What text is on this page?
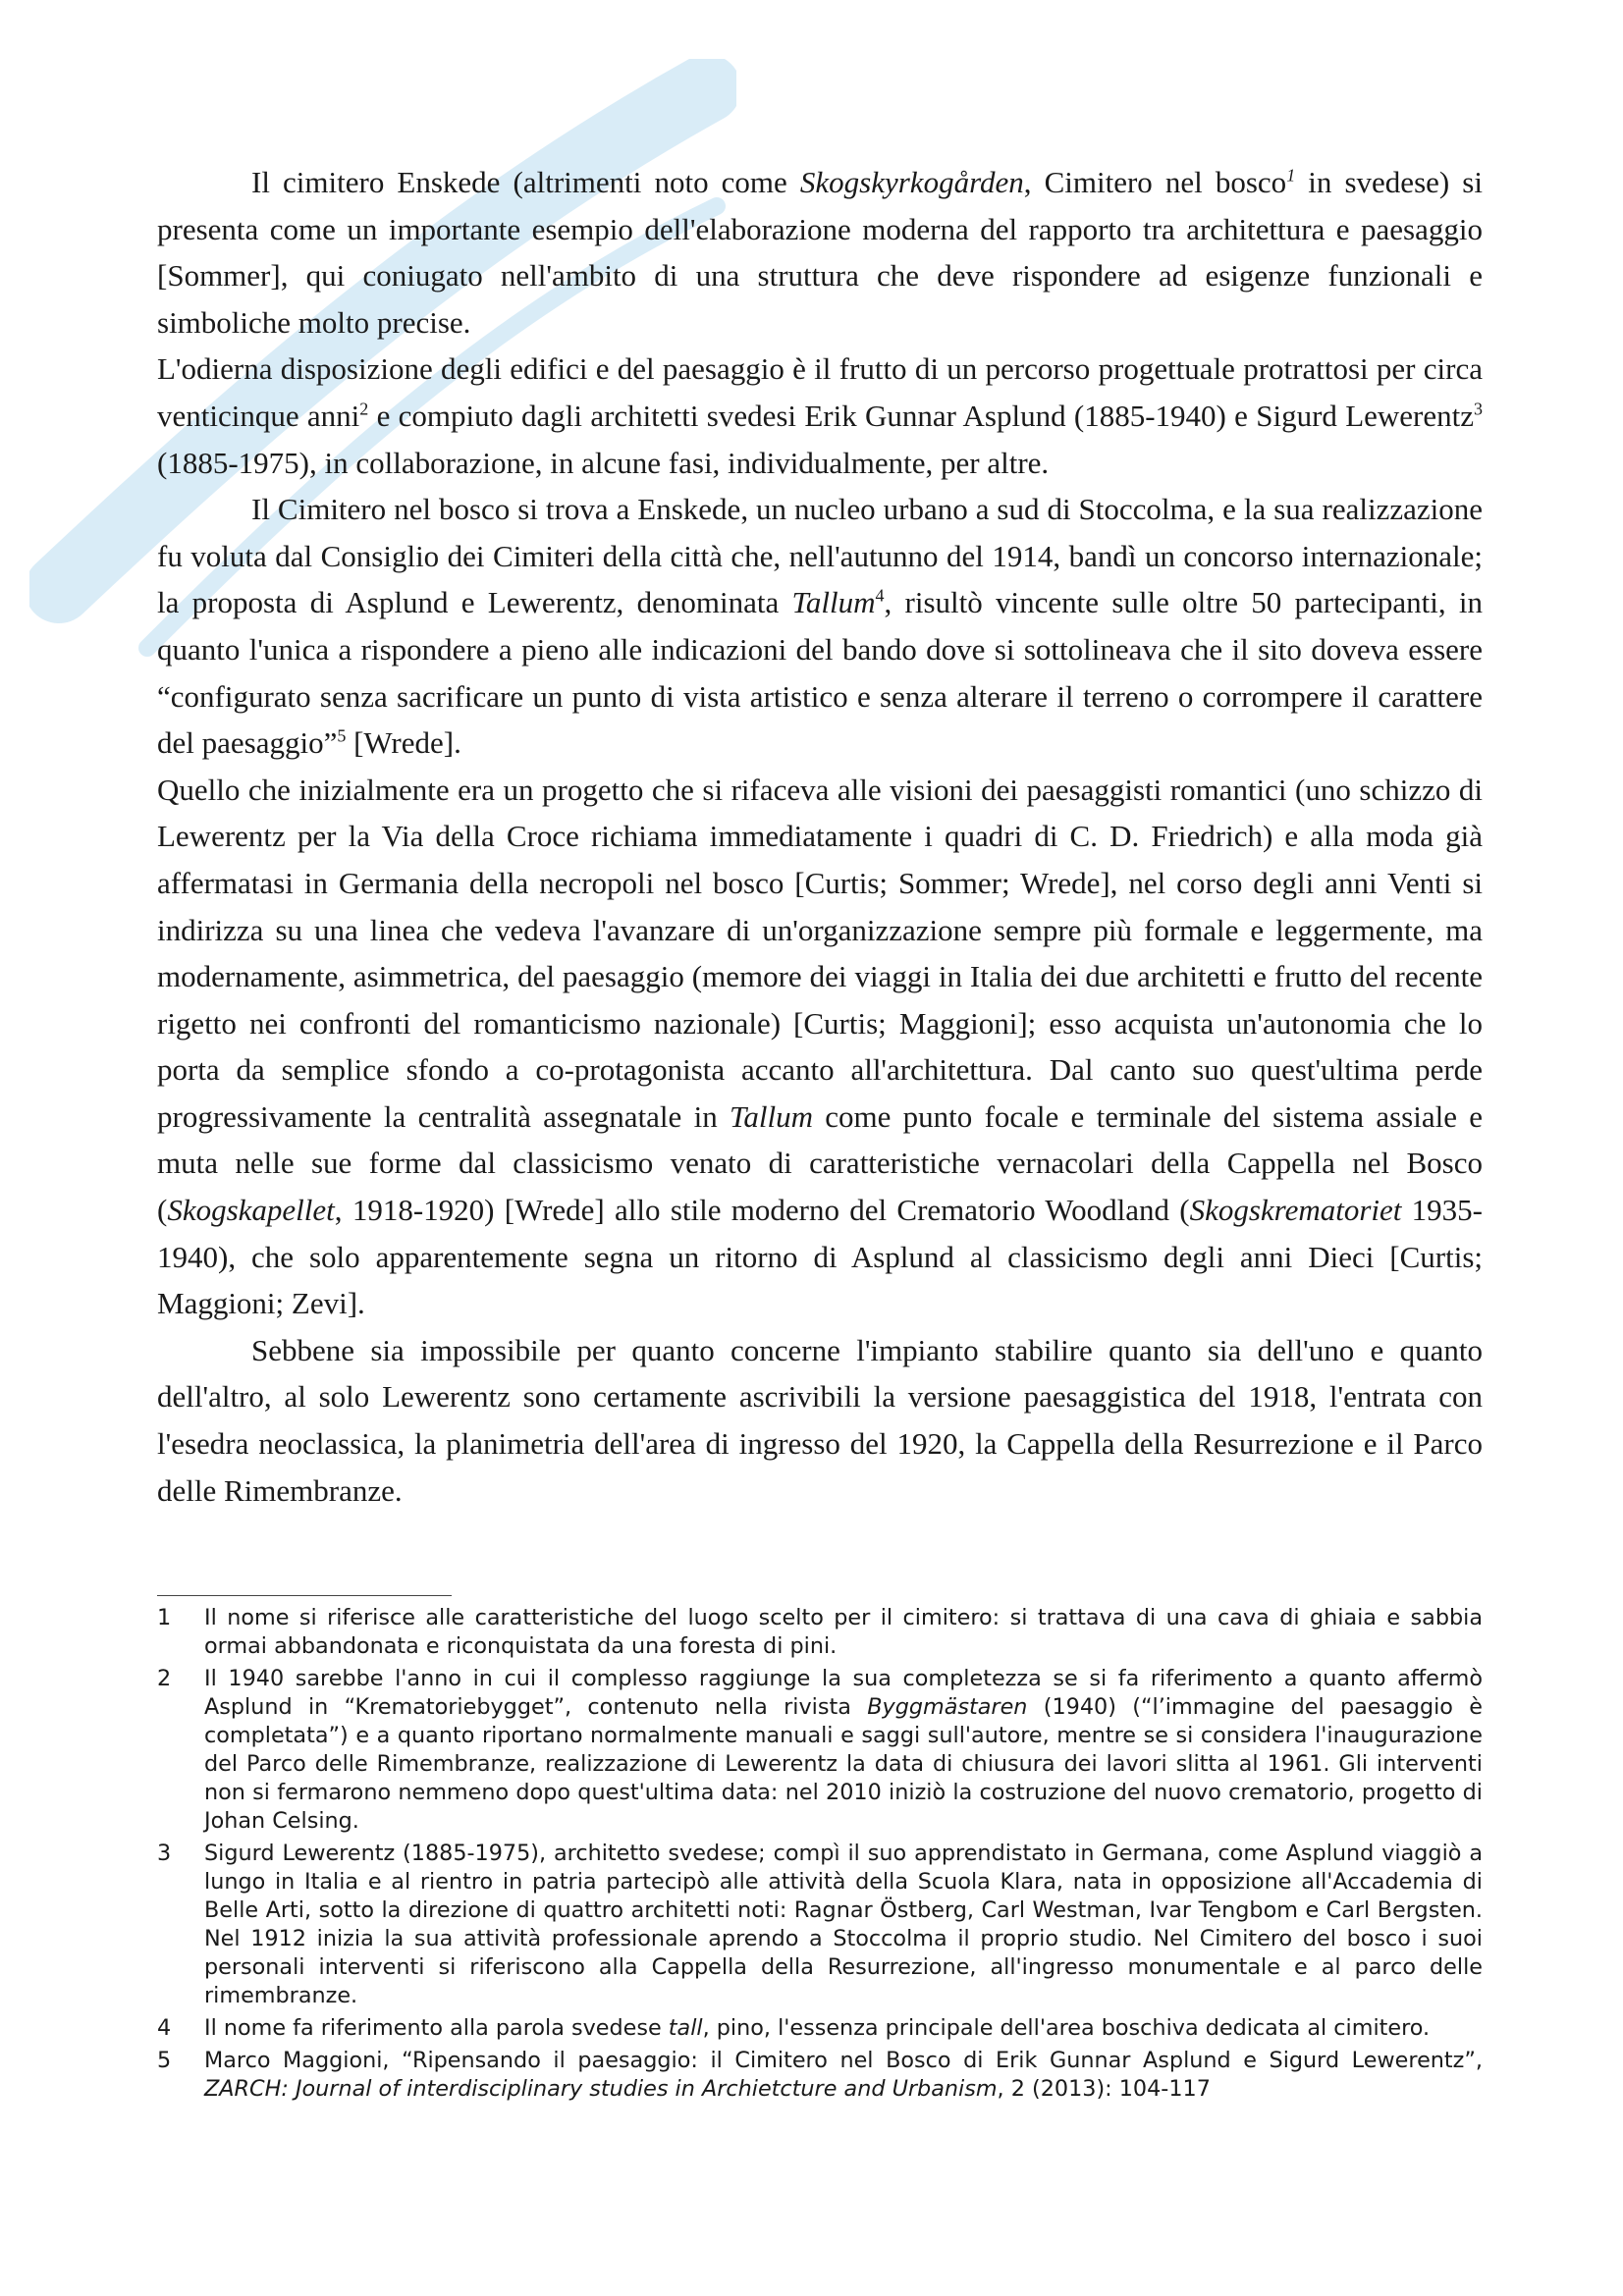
Il cimitero Enskede (altrimenti noto come Skogskyrkogården, Cimitero nel bosco$^1$ in svedese) si presenta come un importante esempio dell'elaborazione moderna del rapporto tra architettura e paesaggio [Sommer], qui coniugato nell'ambito di una struttura che deve rispondere ad esigenze funzionali e simboliche molto precise.

L'odierna disposizione degli edifici e del paesaggio è il frutto di un percorso progettuale protrattosi per circa venticinque anni$^2$ e compiuto dagli architetti svedesi Erik Gunnar Asplund (1885-1940) e Sigurd Lewerentz$^3$ (1885-1975), in collaborazione, in alcune fasi, individualmente, per altre.

Il Cimitero nel bosco si trova a Enskede, un nucleo urbano a sud di Stoccolma, e la sua realizzazione fu voluta dal Consiglio dei Cimiteri della città che, nell'autunno del 1914, bandì un concorso internazionale; la proposta di Asplund e Lewerentz, denominata Tallum$^4$, risultò vincente sulle oltre 50 partecipanti, in quanto l'unica a rispondere a pieno alle indicazioni del bando dove si sottolineava che il sito doveva essere “configurato senza sacrificare un punto di vista artistico e senza alterare il terreno o corrompere il carattere del paesaggio”$^5$ [Wrede].

Quello che inizialmente era un progetto che si rifaceva alle visioni dei paesaggisti romantici (uno schizzo di Lewerentz per la Via della Croce richiama immediatamente i quadri di C. D. Friedrich) e alla moda già affermatasi in Germania della necropoli nel bosco [Curtis; Sommer; Wrede], nel corso degli anni Venti si indirizza su una linea che vedeva l'avanzare di un'organizzazione sempre più formale e leggermente, ma modernamente, asimmetrica, del paesaggio (memore dei viaggi in Italia dei due architetti e frutto del recente rigetto nei confronti del romanticismo nazionale) [Curtis; Maggioni]; esso acquista un'autonomia che lo porta da semplice sfondo a co-protagonista accanto all'architettura. Dal canto suo quest'ultima perde progressivamente la centralità assegnatale in Tallum come punto focale e terminale del sistema assiale e muta nelle sue forme dal classicismo venato di caratteristiche vernacolari della Cappella nel Bosco (Skogskapellet, 1918-1920) [Wrede] allo stile moderno del Crematorio Woodland (Skogskrematoriet 1935-1940), che solo apparentemente segna un ritorno di Asplund al classicismo degli anni Dieci [Curtis; Maggioni; Zevi].

Sebbene sia impossibile per quanto concerne l'impianto stabilire quanto sia dell'uno e quanto dell'altro, al solo Lewerentz sono certamente ascrivibili la versione paesaggistica del 1918, l'entrata con l'esedra neoclassica, la planimetria dell'area di ingresso del 1920, la Cappella della Resurrezione e il Parco delle Rimembranze.

1	Il nome si riferisce alle caratteristiche del luogo scelto per il cimitero: si trattava di una cava di ghiaia e sabbia ormai abbandonata e riconquistata da una foresta di pini.
2	Il 1940 sarebbe l'anno in cui il complesso raggiunge la sua completezza se si fa riferimento a quanto affermò Asplund in “Krematoriebygget”, contenuto nella rivista Byggmästaren (1940) (“l’immagine del paesaggio è completata”) e a quanto riportano normalmente manuali e saggi sull'autore, mentre se si considera l'inaugurazione del Parco delle Rimembranze, realizzazione di Lewerentz la data di chiusura dei lavori slitta al 1961. Gli interventi non si fermarono nemmeno dopo quest'ultima data: nel 2010 iniziò la costruzione del nuovo crematorio, progetto di Johan Celsing.
3	Sigurd Lewerentz (1885-1975), architetto svedese; compì il suo apprendistato in Germana, come Asplund viaggiò a lungo in Italia e al rientro in patria partecipò alle attività della Scuola Klara, nata in opposizione all'Accademia di Belle Arti, sotto la direzione di quattro architetti noti: Ragnar Östberg, Carl Westman, Ivar Tengbom e Carl Bergsten. Nel 1912 inizia la sua attività professionale aprendo a Stoccolma il proprio studio. Nel Cimitero del bosco i suoi personali interventi si riferiscono alla Cappella della Resurrezione, all'ingresso monumentale e al parco delle rimembranze.
4	Il nome fa riferimento alla parola svedese tall, pino, l'essenza principale dell'area boschiva dedicata al cimitero.
5	Marco Maggioni, “Ripensando il paesaggio: il Cimitero nel Bosco di Erik Gunnar Asplund e Sigurd Lewerentz”, ZARCH: Journal of interdisciplinary studies in Archietcture and Urbanism, 2 (2013): 104-117
